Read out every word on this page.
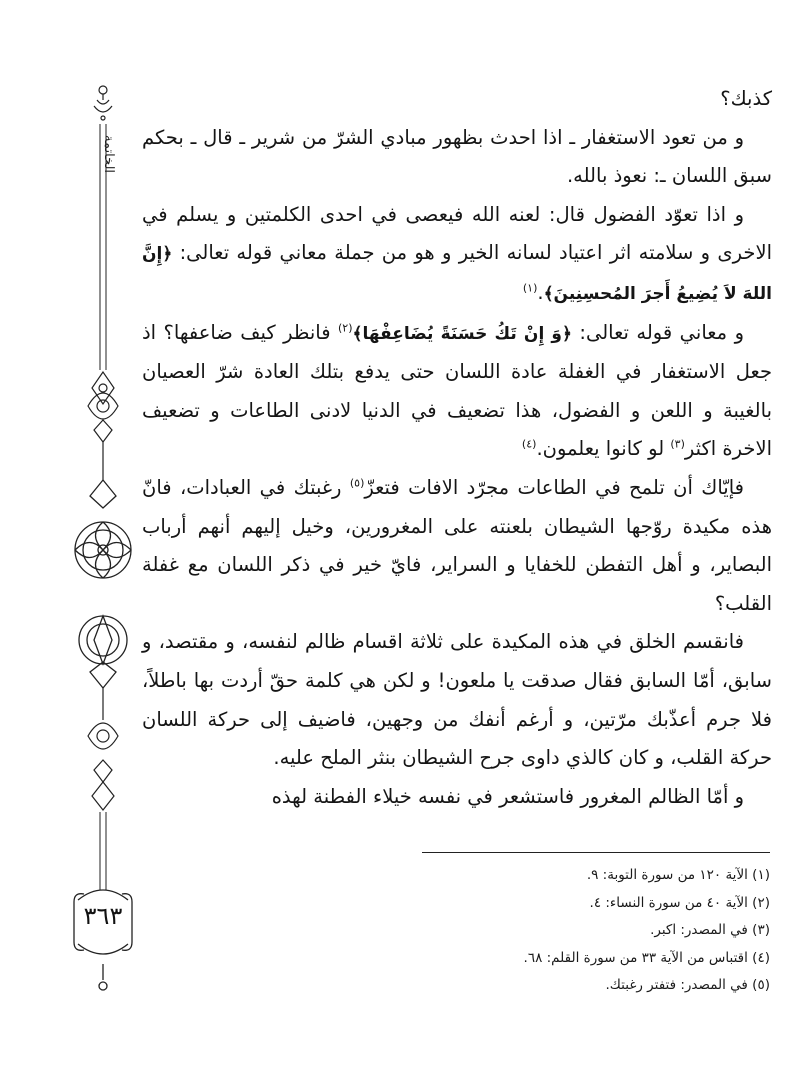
الخاتمة
٣٦٣

كذبك؟

و من تعود الاستغفار ـ اذا احدث بظهور مبادي الشرّ من شرير ـ قال ـ بحكم سبق اللسان ـ: نعوذ بالله.

و اذا تعوّد الفضول قال: لعنه الله فيعصى في احدى الكلمتين و يسلم في الاخرى و سلامته اثر اعتياد لسانه الخير و هو من جملة معاني قوله تعالى: ﴿إِنَّ اللهَ لاَ يُضِيعُ أَجرَ المُحسِنِينَ﴾.$^{(١)}$

و معاني قوله تعالى: ﴿وَ إِنْ تَكُ حَسَنَةً يُضَاعِفْهَا﴾$^{(٢)}$ فانظر كيف ضاعفها؟ اذ جعل الاستغفار في الغفلة عادة اللسان حتى يدفع بتلك العادة شرّ العصيان بالغيبة و اللعن و الفضول، هذا تضعيف في الدنيا لادنى الطاعات و تضعيف الاخرة اكثر$^{(٣)}$ لو كانوا يعلمون.$^{(٤)}$

فإيّاك أن تلمح في الطاعات مجرّد الافات فتعزّ$^{(٥)}$ رغبتك في العبادات، فانّ هذه مكيدة روّجها الشيطان بلعنته على المغرورين، وخيل إليهم أنهم أرباب البصاير، و أهل التفطن للخفايا و السراير، فايّ خير في ذكر اللسان مع غفلة القلب؟

فانقسم الخلق في هذه المكيدة على ثلاثة اقسام ظالم لنفسه، و مقتصد، و سابق، أمّا السابق فقال صدقت يا ملعون! و لكن هي كلمة حقّ أردت بها باطلاً، فلا جرم أعذّبك مرّتين، و أرغم أنفك من وجهين، فاضيف إلى حركة اللسان حركة القلب، و كان كالذي داوى جرح الشيطان بنثر الملح عليه.

و أمّا الظالم المغرور فاستشعر في نفسه خيلاء الفطنة لهذه

(١) الآية ١٢٠ من سورة التوبة: ٩.
(٢) الآية ٤٠ من سورة النساء: ٤.
(٣) في المصدر: اكبر.
(٤) اقتباس من الآية ٣٣ من سورة القلم: ٦٨.
(٥) في المصدر: فتفتر رغبتك.
